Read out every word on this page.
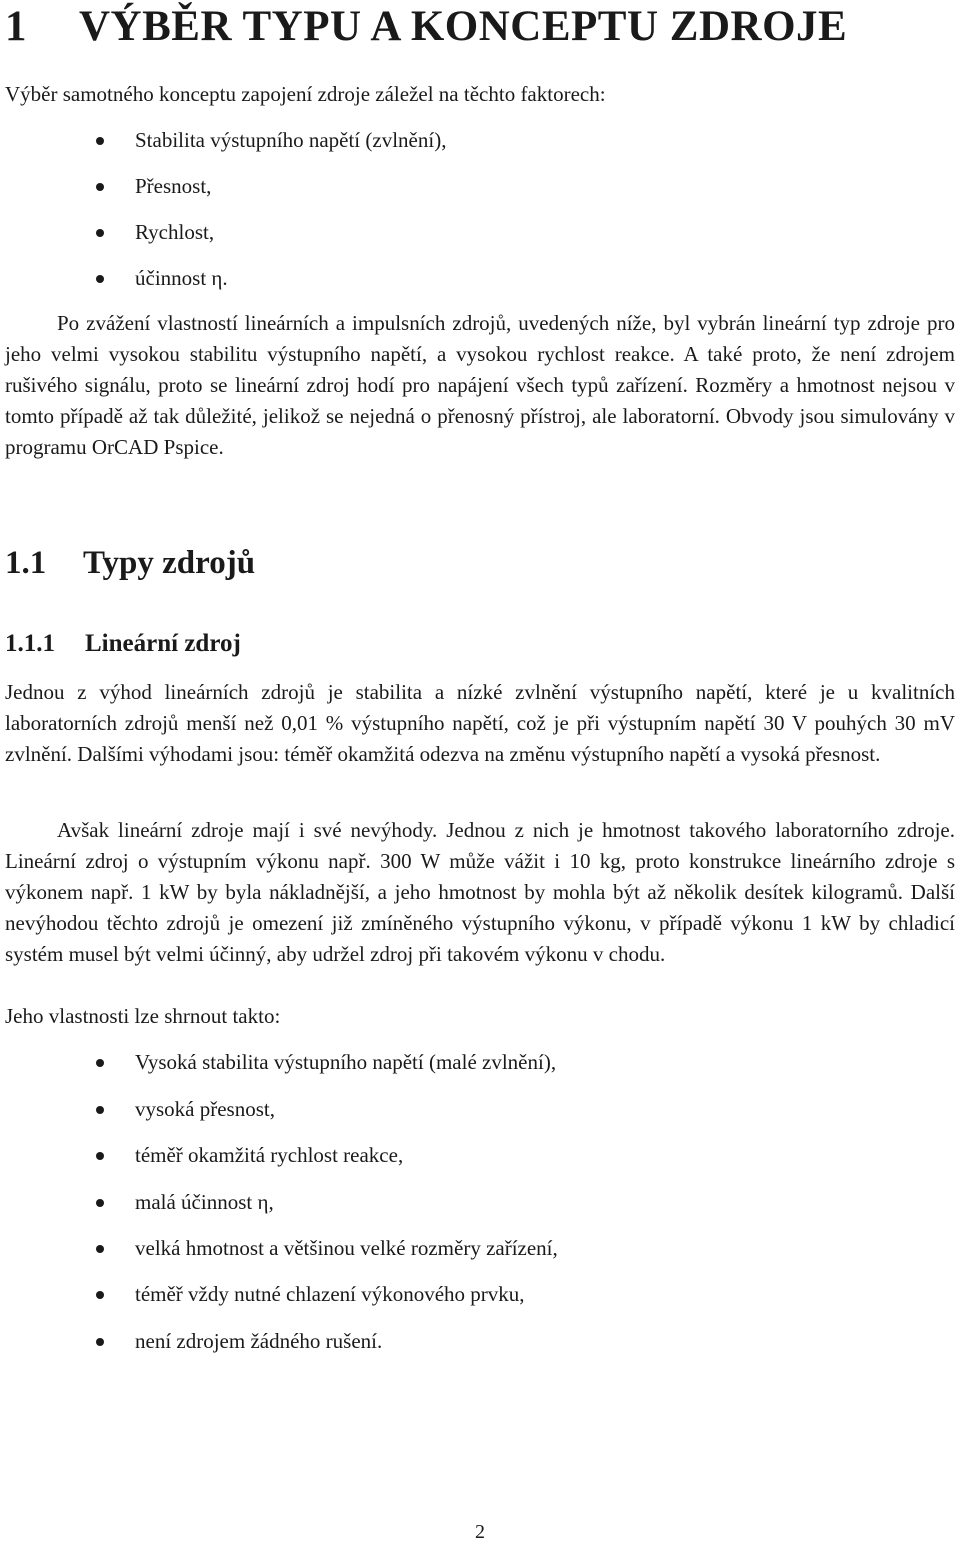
1 VÝBĚR TYPU A KONCEPTU ZDROJE

Výběr samotného konceptu zapojení zdroje záležel na těchto faktorech:

Stabilita výstupního napětí (zvlnění),
Přesnost,
Rychlost,
účinnost η.

Po zvážení vlastností lineárních a impulsních zdrojů, uvedených níže, byl vybrán lineární typ zdroje pro jeho velmi vysokou stabilitu výstupního napětí, a vysokou rychlost reakce. A také proto, že není zdrojem rušivého signálu, proto se lineární zdroj hodí pro napájení všech typů zařízení. Rozměry a hmotnost nejsou v tomto případě až tak důležité, jelikož se nejedná o přenosný přístroj, ale laboratorní. Obvody jsou simulovány v programu OrCAD Pspice.

1.1 Typy zdrojů
1.1.1 Lineární zdroj

Jednou z výhod lineárních zdrojů je stabilita a nízké zvlnění výstupního napětí, které je u kvalitních laboratorních zdrojů menší než 0,01 % výstupního napětí, což je při výstupním napětí 30 V pouhých 30 mV zvlnění. Dalšími výhodami jsou: téměř okamžitá odezva na změnu výstupního napětí a vysoká přesnost.

Avšak lineární zdroje mají i své nevýhody. Jednou z nich je hmotnost takového laboratorního zdroje. Lineární zdroj o výstupním výkonu např. 300 W může vážit i 10 kg, proto konstrukce lineárního zdroje s výkonem např. 1 kW by byla nákladnější, a jeho hmotnost by mohla být až několik desítek kilogramů. Další nevýhodou těchto zdrojů je omezení již zmíněného výstupního výkonu, v případě výkonu 1 kW by chladicí systém musel být velmi účinný, aby udržel zdroj při takovém výkonu v chodu.

Jeho vlastnosti lze shrnout takto:

Vysoká stabilita výstupního napětí (malé zvlnění),
vysoká přesnost,
téměř okamžitá rychlost reakce,
malá účinnost η,
velká hmotnost a většinou velké rozměry zařízení,
téměř vždy nutné chlazení výkonového prvku,
není zdrojem žádného rušení.
2
